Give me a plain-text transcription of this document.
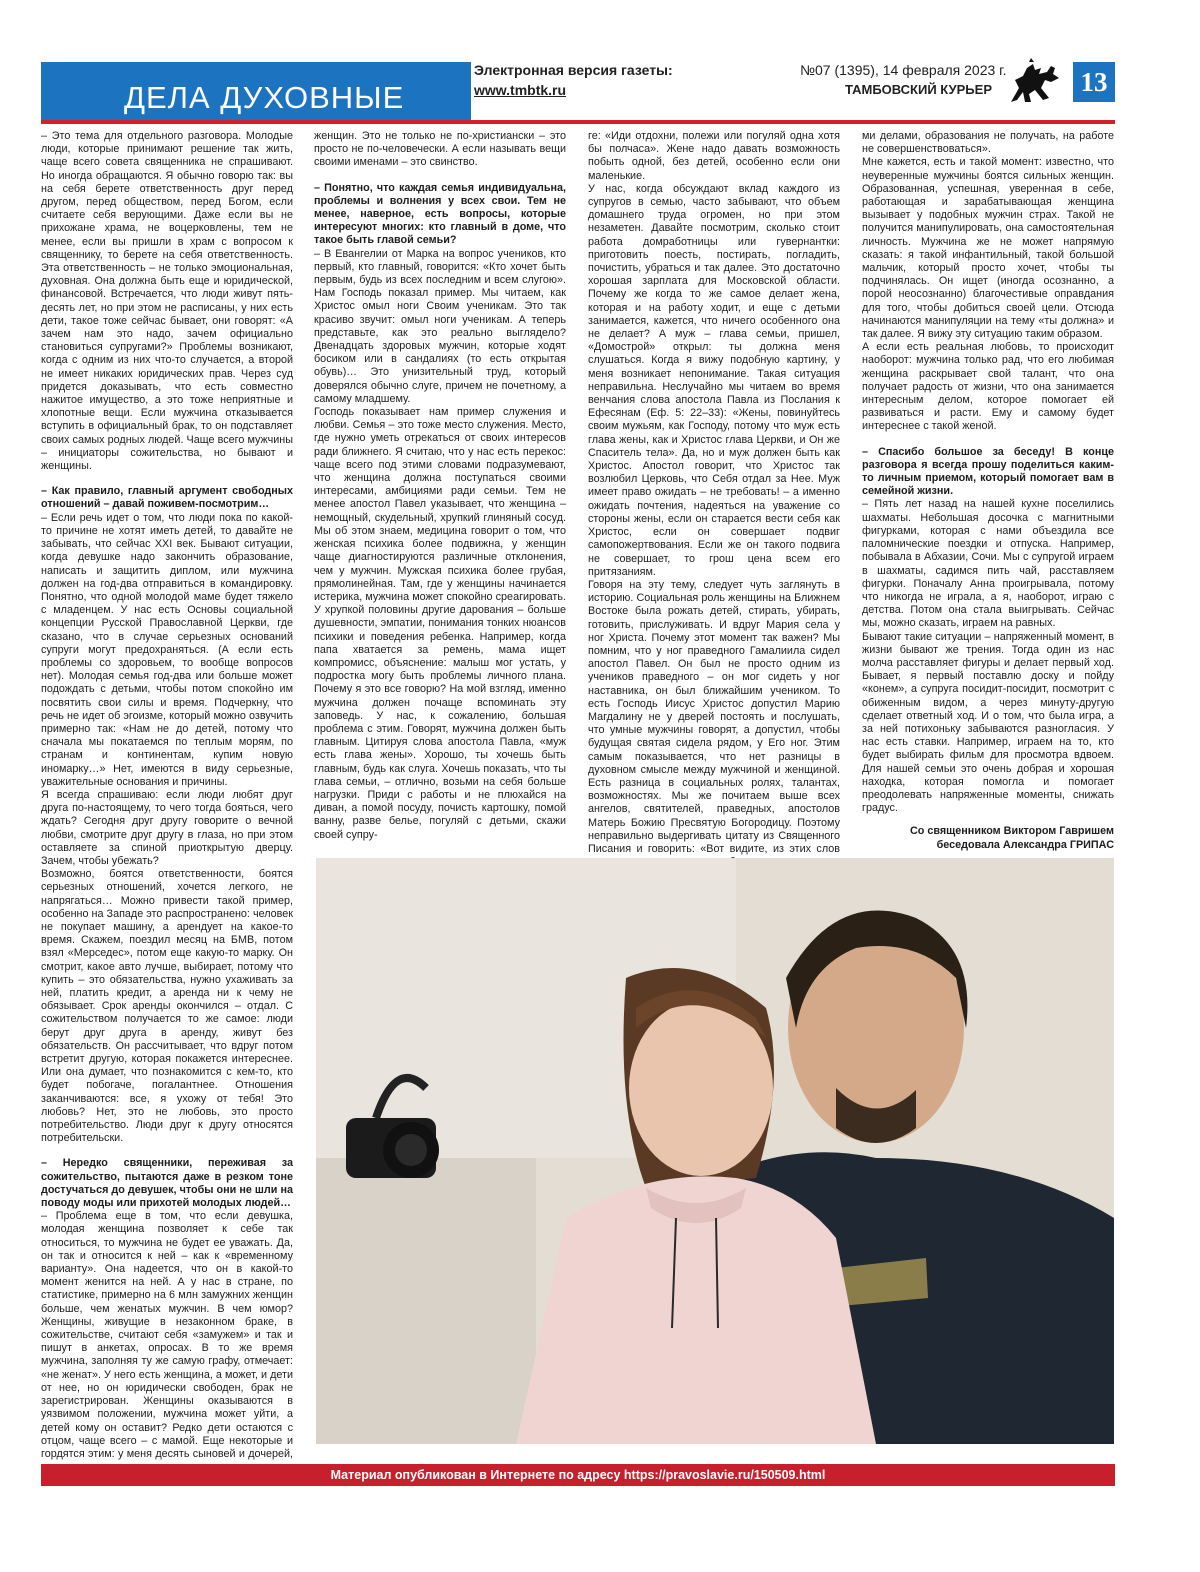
ДЕЛА ДУХОВНЫЕ
Электронная версия газеты:
www.tmbtk.ru
№07 (1395), 14 февраля 2023 г.
ТАМБОВСКИЙ КУРЬЕР	13

– Это тема для отдельного разговора. Молодые люди, которые принимают решение так жить, чаще всего совета священника не спрашивают. Но иногда обращаются. Я обычно говорю так: вы на себя берете ответственность друг перед другом, перед обществом, перед Богом, если считаете себя верующими. Даже если вы не прихожане храма, не воцерковлены, тем не менее, если вы пришли в храм с вопросом к священнику, то берете на себя ответственность. Эта ответственность – не только эмоциональная, духовная. Она должна быть еще и юридической, финансовой. Встречается, что люди живут пять-десять лет, но при этом не расписаны, у них есть дети, такое тоже сейчас бывает, они говорят: «А зачем нам это надо, зачем официально становиться супругами?» Проблемы возникают, когда с одним из них что-то случается, а второй не имеет никаких юридических прав. Через суд придется доказывать, что есть совместно нажитое имущество, а это тоже неприятные и хлопотные вещи. Если мужчина отказывается вступить в официальный брак, то он подставляет своих самых родных людей. Чаще всего мужчины – инициаторы сожительства, но бывают и женщины.

– Как правило, главный аргумент свободных отношений – давай поживем-посмотрим…

– Если речь идет о том, что люди пока по какой-то причине не хотят иметь детей, то давайте не забывать, что сейчас XXI век. Бывают ситуации, когда девушке надо закончить образование, написать и защитить диплом, или мужчина должен на год-два отправиться в командировку. Понятно, что одной молодой маме будет тяжело с младенцем. У нас есть Основы социальной концепции Русской Православной Церкви, где сказано, что в случае серьезных оснований супруги могут предохраняться. (А если есть проблемы со здоровьем, то вообще вопросов нет). Молодая семья год-два или больше может подождать с детьми, чтобы потом спокойно им посвятить свои силы и время. Подчеркну, что речь не идет об эгоизме, который можно озвучить примерно так: «Нам не до детей, потому что сначала мы покатаемся по теплым морям, по странам и континентам, купим новую иномарку…» Нет, имеются в виду серьезные, уважительные основания и причины.

Я всегда спрашиваю: если люди любят друг друга по-настоящему, то чего тогда бояться, чего ждать? Сегодня друг другу говорите о вечной любви, смотрите друг другу в глаза, но при этом оставляете за спиной приоткрытую дверцу. Зачем, чтобы убежать?

Возможно, боятся ответственности, боятся серьезных отношений, хочется легкого, не напрягаться… Можно привести такой пример, особенно на Западе это распространено: человек не покупает машину, а арендует на какое-то время. Скажем, поездил месяц на БМВ, потом взял «Мерседес», потом еще какую-то марку. Он смотрит, какое авто лучше, выбирает, потому что купить – это обязательства, нужно ухаживать за ней, платить кредит, а аренда ни к чему не обязывает. Срок аренды окончился – отдал. С сожительством получается то же самое: люди берут друг друга в аренду, живут без обязательств. Он рассчитывает, что вдруг потом встретит другую, которая покажется интереснее. Или она думает, что познакомится с кем-то, кто будет побогаче, погалантнее. Отношения заканчиваются: все, я ухожу от тебя! Это любовь? Нет, это не любовь, это просто потребительство. Люди друг к другу относятся потребительски.

– Нередко священники, переживая за сожительство, пытаются даже в резком тоне достучаться до девушек, чтобы они не шли на поводу моды или прихотей молодых людей…

– Проблема еще в том, что если девушка, молодая женщина позволяет к себе так относиться, то мужчина не будет ее уважать. Да, он так и относится к ней – как к «временному варианту». Она надеется, что он в какой-то момент женится на ней. А у нас в стране, по статистике, примерно на 6 млн замужних женщин больше, чем женатых мужчин. В чем юмор? Женщины, живущие в незаконном браке, в сожительстве, считают себя «замужем» и так и пишут в анкетах, опросах. В то же время мужчина, заполняя ту же самую графу, отмечает: «не женат». У него есть женщина, а может, и дети от нее, но он юридически свободен, брак не зарегистрирован. Женщины оказываются в уязвимом положении, мужчина может уйти, а детей кому он оставит? Редко дети остаются с отцом, чаще всего – с мамой. Еще некоторые и гордятся этим: у меня десять сыновей и дочерей,

женщин. Это не только не по-христиански – это просто не по-человечески. А если называть вещи своими именами – это свинство.

– Понятно, что каждая семья индивидуальна, проблемы и волнения у всех свои. Тем не менее, наверное, есть вопросы, которые интересуют многих: кто главный в доме, что такое быть главой семьи?

– В Евангелии от Марка на вопрос учеников, кто первый, кто главный, говорится: «Кто хочет быть первым, будь из всех последним и всем слугою». Нам Господь показал пример. Мы читаем, как Христос омыл ноги Своим ученикам. Это так красиво звучит: омыл ноги ученикам. А теперь представьте, как это реально выглядело? Двенадцать здоровых мужчин, которые ходят босиком или в сандалиях (то есть открытая обувь)… Это унизительный труд, который доверялся обычно слуге, причем не почетному, а самому младшему.

Господь показывает нам пример служения и любви. Семья – это тоже место служения. Место, где нужно уметь отрекаться от своих интересов ради ближнего. Я считаю, что у нас есть перекос: чаще всего под этими словами подразумевают, что женщина должна поступаться своими интересами, амбициями ради семьи. Тем не менее апостол Павел указывает, что женщина – немощный, скудельный, хрупкий глиняный сосуд. Мы об этом знаем, медицина говорит о том, что женская психика более подвижна, у женщин чаще диагностируются различные отклонения, чем у мужчин. Мужская психика более грубая, прямолинейная. Там, где у женщины начинается истерика, мужчина может спокойно среагировать. У хрупкой половины другие дарования – больше душевности, эмпатии, понимания тонких нюансов психики и поведения ребенка. Например, когда папа хватается за ремень, мама ищет компромисс, объяснение: малыш мог устать, у подростка могу быть проблемы личного плана. Почему я это все говорю? На мой взгляд, именно мужчина должен почаще вспоминать эту заповедь. У нас, к сожалению, большая проблема с этим. Говорят, мужчина должен быть главным. Цитируя слова апостола Павла, «муж есть глава жены». Хорошо, ты хочешь быть главным, будь как слуга. Хочешь показать, что ты глава семьи, – отлично, возьми на себя больше нагрузки. Приди с работы и не плюхайся на диван, а помой посуду, почисть картошку, помой ванну, разве белье, погуляй с детьми, скажи своей супру-

ге: «Иди отдохни, полежи или погуляй одна хотя бы полчаса». Жене надо давать возможность побыть одной, без детей, особенно если они маленькие.

У нас, когда обсуждают вклад каждого из супругов в семью, часто забывают, что объем домашнего труда огромен, но при этом незаметен. Давайте посмотрим, сколько стоит работа домработницы или гувернантки: приготовить поесть, постирать, погладить, почистить, убраться и так далее. Это достаточно хорошая зарплата для Московской области. Почему же когда то же самое делает жена, которая и на работу ходит, и еще с детьми занимается, кажется, что ничего особенного она не делает? А муж – глава семьи, пришел, «Домострой» открыл: ты должна меня слушаться. Когда я вижу подобную картину, у меня возникает непонимание. Такая ситуация неправильна. Неслучайно мы читаем во время венчания слова апостола Павла из Послания к Ефесянам (Еф. 5: 22–33): «Жены, повинуйтесь своим мужьям, как Господу, потому что муж есть глава жены, как и Христос глава Церкви, и Он же Спаситель тела». Да, но и муж должен быть как Христос. Апостол говорит, что Христос так возлюбил Церковь, что Себя отдал за Нее. Муж имеет право ожидать – не требовать! – а именно ожидать почтения, надеяться на уважение со стороны жены, если он старается вести себя как Христос, если он совершает подвиг самопожертвования. Если же он такого подвига не совершает, то грош цена всем его притязаниям.

Говоря на эту тему, следует чуть заглянуть в историю. Социальная роль женщины на Ближнем Востоке была рожать детей, стирать, убирать, готовить, прислуживать. И вдруг Мария села у ног Христа. Почему этот момент так важен? Мы помним, что у ног праведного Гамалиила сидел апостол Павел. Он был не просто одним из учеников праведного – он мог сидеть у ног наставника, он был ближайшим учеником. То есть Господь Иисус Христос допустил Марию Магдалину не у дверей постоять и послушать, что умные мужчины говорят, а допустил, чтобы будущая святая сидела рядом, у Его ног. Этим самым показывается, что нет разницы в духовном смысле между мужчиной и женщиной. Есть разница в социальных ролях, талантах, возможностях. Мы же почитаем выше всех ангелов, святителей, праведных, апостолов Матерь Божию Пресвятую Богородицу. Поэтому неправильно выдергивать цитату из Священного Писания и говорить: «Вот видите, из этих слов

ми делами, образования не получать, на работе не совершенствоваться».

Мне кажется, есть и такой момент: известно, что неуверенные мужчины боятся сильных женщин. Образованная, успешная, уверенная в себе, работающая и зарабатывающая женщина вызывает у подобных мужчин страх. Такой не получится манипулировать, она самостоятельная личность. Мужчина же не может напрямую сказать: я такой инфантильный, такой большой мальчик, который просто хочет, чтобы ты подчинялась. Он ищет (иногда осознанно, а порой неосознанно) благочестивые оправдания для того, чтобы добиться своей цели. Отсюда начинаются манипуляции на тему «ты должна» и так далее. Я вижу эту ситуацию таким образом.

А если есть реальная любовь, то происходит наоборот: мужчина только рад, что его любимая женщина раскрывает свой талант, что она получает радость от жизни, что она занимается интересным делом, которое помогает ей развиваться и расти. Ему и самому будет интереснее с такой женой.

– Спасибо большое за беседу! В конце разговора я всегда прошу поделиться каким-то личным приемом, который помогает вам в семейной жизни.

– Пять лет назад на нашей кухне поселились шахматы. Небольшая досочка с магнитными фигурками, которая с нами объездила все паломнические поездки и отпуска. Например, побывала в Абхазии, Сочи. Мы с супругой играем в шахматы, садимся пить чай, расставляем фигурки. Поначалу Анна проигрывала, потому что никогда не играла, а я, наоборот, играю с детства. Потом она стала выигрывать. Сейчас мы, можно сказать, играем на равных.

Бывают такие ситуации – напряженный момент, в жизни бывают же трения. Тогда один из нас молча расставляет фигуры и делает первый ход. Бывает, я первый поставлю доску и пойду «конем», а супруга посидит-посидит, посмотрит с обиженным видом, а через минуту-другую сделает ответный ход. И о том, что была игра, а за ней потихоньку забываются разногласия. У нас есть ставки. Например, играем на то, кто будет выбирать фильм для просмотра вдвоем. Для нашей семьи это очень добрая и хорошая находка, которая помогла и помогает преодолевать напряженные моменты, снижать градус.

Со священником Виктором Гавришем беседовала Александра ГРИПАС

Материал опубликован в Интернете по адресу https://pravoslavie.ru/150509.html
